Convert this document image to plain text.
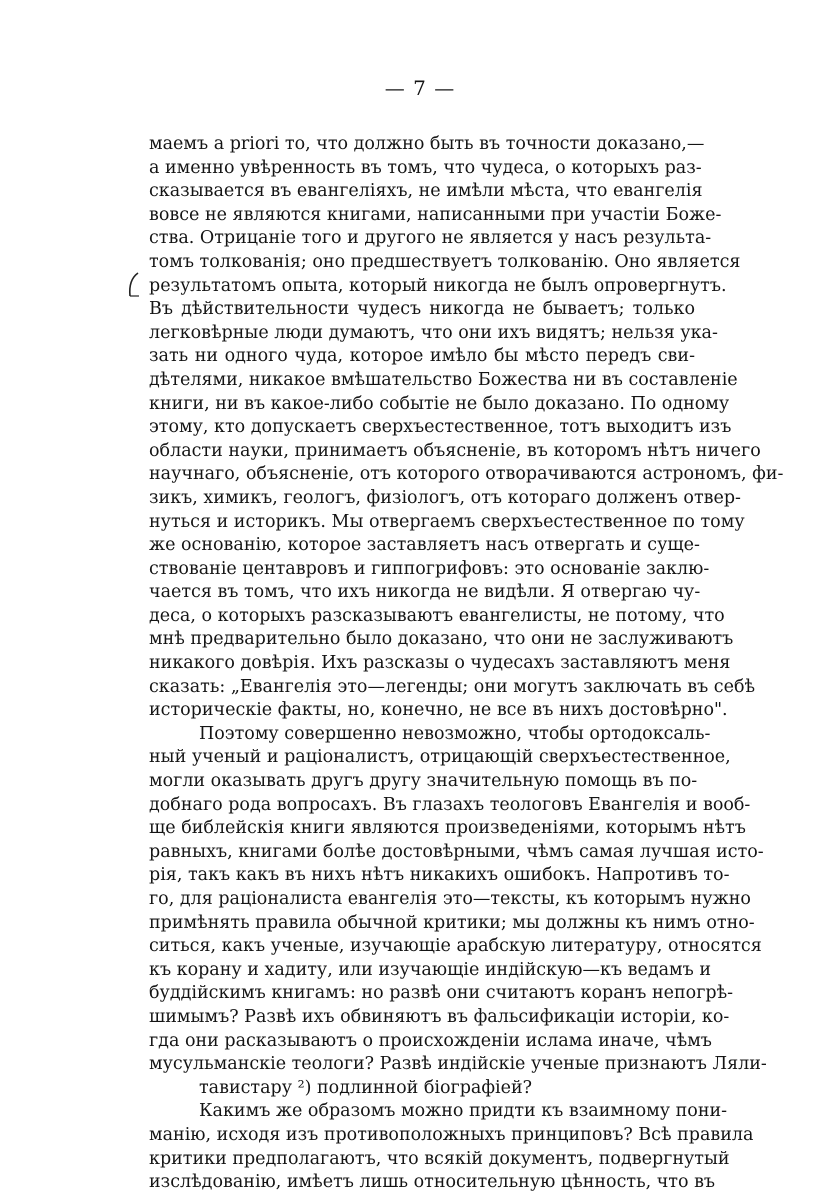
— 7 —
маемъ a priori то, что должно быть въ точности доказано,—
а именно увѣренность въ томъ, что чудеса, о которыхъ раз-
сказывается въ евангеліяхъ, не имѣли мѣста, что евангелія
вовсе не являются книгами, написанными при участіи Боже-
ства. Отрицаніе того и другого не является у насъ результа-
томъ толкованія; оно предшествуетъ толкованію. Оно является
результатомъ опыта, который никогда не былъ опровергнутъ.
Въ дѣйствительности чудесъ никогда не бываетъ; только
легковѣрные люди думаютъ, что они ихъ видятъ; нельзя ука-
зать ни одного чуда, которое имѣло бы мѣсто передъ сви-
дѣтелями, никакое вмѣшательство Божества ни въ составленіе
книги, ни въ какое-либо событіе не было доказано. По одному
этому, кто допускаетъ сверхъестественное, тотъ выходитъ изъ
области науки, принимаетъ объясненіе, въ которомъ нѣтъ ничего
научнаго, объясненіе, отъ которого отворачиваются астрономъ, фи-
зикъ, химикъ, геологъ, физіологъ, отъ котораго долженъ отвер-
нуться и историкъ. Мы отвергаемъ сверхъестественное по тому
же основанію, которое заставляетъ насъ отвергать и суще-
ствованіе центавровъ и гиппогрифовъ: это основаніе заклю-
чается въ томъ, что ихъ никогда не видѣли. Я отвергаю чу-
деса, о которыхъ разсказываютъ евангелисты, не потому, что
мнѣ предварительно было доказано, что они не заслуживаютъ
никакого довѣрія. Ихъ разсказы о чудесахъ заставляютъ меня
сказать: „Евангелія это—легенды; они могутъ заключать въ себѣ
историческіе факты, но, конечно, не все въ нихъ достовѣрно".
Поэтому совершенно невозможно, чтобы ортодоксаль-
ный ученый и раціоналистъ, отрицающій сверхъестественное,
могли оказывать другъ другу значительную помощь въ по-
добнаго рода вопросахъ. Въ глазахъ теологовъ Евангелія и вооб-
ще библейскія книги являются произведеніями, которымъ нѣтъ
равныхъ, книгами болѣе достовѣрными, чѣмъ самая лучшая исто-
рія, такъ какъ въ нихъ нѣтъ никакихъ ошибокъ. Напротивъ то-
го, для раціоналиста евангелія это—тексты, къ которымъ нужно
примѣнять правила обычной критики; мы должны къ нимъ отно-
ситься, какъ ученые, изучающіе арабскую литературу, относятся
къ корану и хадиту, или изучающіе индійскую—къ ведамъ и
буддійскимъ книгамъ: но развѣ они считаютъ коранъ непогрѣ-
шимымъ? Развѣ ихъ обвиняютъ въ фальсификаціи исторіи, ко-
гда они расказываютъ о происхожденіи ислама иначе, чѣмъ
мусульманскіе теологи? Развѣ индійскіе ученые признаютъ Ляли-
тавистару ²) подлинной біографіей?
Какимъ же образомъ можно придти къ взаимному пони-
манію, исходя изъ противоположныхъ принциповъ? Всѣ правила
критики предполагаютъ, что всякій документъ, подвергнутый
изслѣдованію, имѣетъ лишь относительную цѣнность, что въ
